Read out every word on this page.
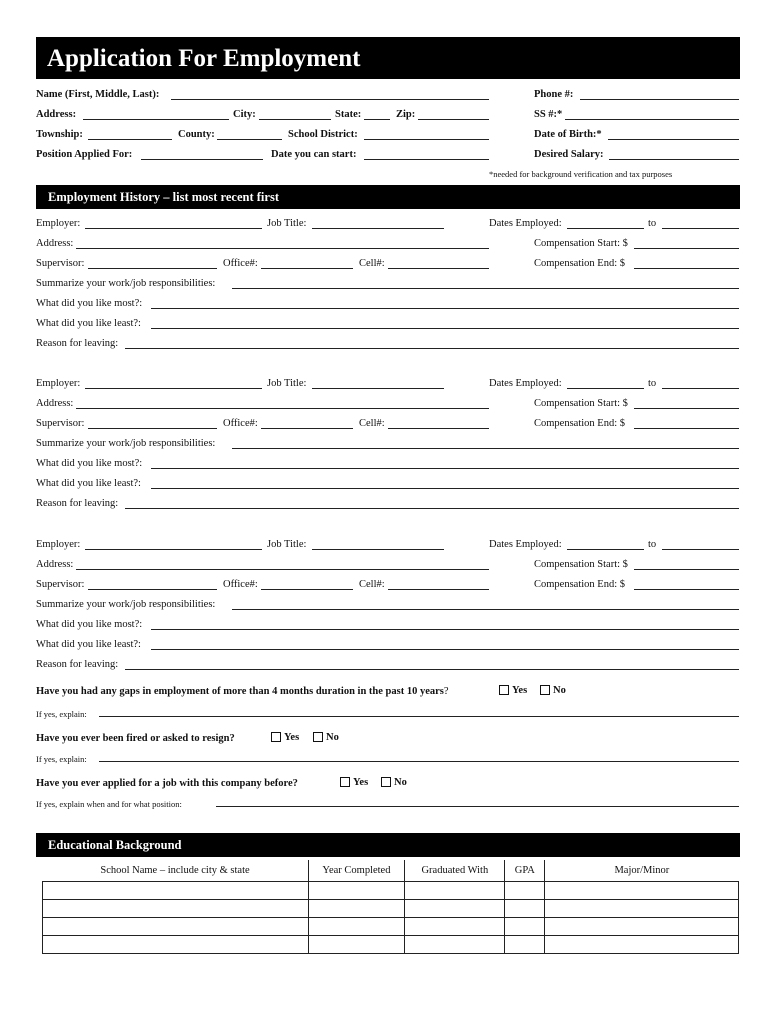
Application For Employment
Name (First, Middle, Last):	Phone #:
Address:	City:	State:	Zip:	SS #:*
Township:	County:	School District:	Date of Birth:*
Position Applied For:	Date you can start:	Desired Salary:
*needed for background verification and tax purposes
Employment History – list most recent first
Employer:	Job Title:	Dates Employed:	to
Address:	Compensation Start: $
Supervisor:	Office#:	Cell#:	Compensation End: $
Summarize your work/job responsibilities:
What did you like most?:
What did you like least?:
Reason for leaving:
Employer:	Job Title:	Dates Employed:	to
Address:	Compensation Start: $
Supervisor:	Office#:	Cell#:	Compensation End: $
Summarize your work/job responsibilities:
What did you like most?:
What did you like least?:
Reason for leaving:
Employer:	Job Title:	Dates Employed:	to
Address:	Compensation Start: $
Supervisor:	Office#:	Cell#:	Compensation End: $
Summarize your work/job responsibilities:
What did you like most?:
What did you like least?:
Reason for leaving:
Have you had any gaps in employment of more than 4 months duration in the past 10 years?	Yes	No
If yes, explain:
Have you ever been fired or asked to resign?	Yes	No
If yes, explain:
Have you ever applied for a job with this company before?	Yes	No
If yes, explain when and for what position:
Educational Background
School Name – include city & state	Year Completed	Graduated With	GPA	Major/Minor
